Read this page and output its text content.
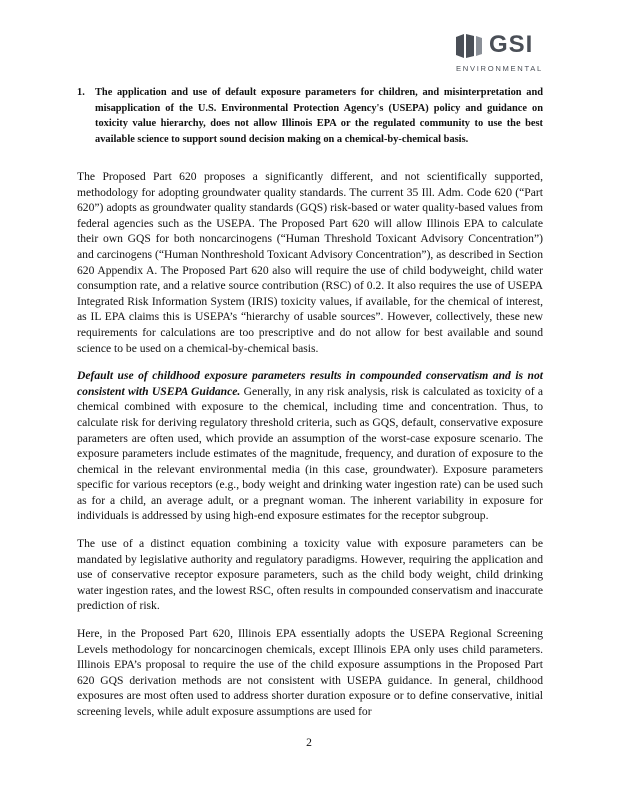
GSI
ENVIRONMENTAL
1. The application and use of default exposure parameters for children, and misinterpretation and misapplication of the U.S. Environmental Protection Agency's (USEPA) policy and guidance on toxicity value hierarchy, does not allow Illinois EPA or the regulated community to use the best available science to support sound decision making on a chemical-by-chemical basis.

The Proposed Part 620 proposes a significantly different, and not scientifically supported, methodology for adopting groundwater quality standards. The current 35 Ill. Adm. Code 620 (“Part 620”) adopts as groundwater quality standards (GQS) risk-based or water quality-based values from federal agencies such as the USEPA. The Proposed Part 620 will allow Illinois EPA to calculate their own GQS for both noncarcinogens (“Human Threshold Toxicant Advisory Concentration”) and carcinogens (“Human Nonthreshold Toxicant Advisory Concentration”), as described in Section 620 Appendix A. The Proposed Part 620 also will require the use of child bodyweight, child water consumption rate, and a relative source contribution (RSC) of 0.2. It also requires the use of USEPA Integrated Risk Information System (IRIS) toxicity values, if available, for the chemical of interest, as IL EPA claims this is USEPA’s “hierarchy of usable sources”. However, collectively, these new requirements for calculations are too prescriptive and do not allow for best available and sound science to be used on a chemical-by-chemical basis.

Default use of childhood exposure parameters results in compounded conservatism and is not consistent with USEPA Guidance. Generally, in any risk analysis, risk is calculated as toxicity of a chemical combined with exposure to the chemical, including time and concentration. Thus, to calculate risk for deriving regulatory threshold criteria, such as GQS, default, conservative exposure parameters are often used, which provide an assumption of the worst-case exposure scenario. The exposure parameters include estimates of the magnitude, frequency, and duration of exposure to the chemical in the relevant environmental media (in this case, groundwater). Exposure parameters specific for various receptors (e.g., body weight and drinking water ingestion rate) can be used such as for a child, an average adult, or a pregnant woman. The inherent variability in exposure for individuals is addressed by using high-end exposure estimates for the receptor subgroup.

The use of a distinct equation combining a toxicity value with exposure parameters can be mandated by legislative authority and regulatory paradigms. However, requiring the application and use of conservative receptor exposure parameters, such as the child body weight, child drinking water ingestion rates, and the lowest RSC, often results in compounded conservatism and inaccurate prediction of risk.

Here, in the Proposed Part 620, Illinois EPA essentially adopts the USEPA Regional Screening Levels methodology for noncarcinogen chemicals, except Illinois EPA only uses child parameters. Illinois EPA’s proposal to require the use of the child exposure assumptions in the Proposed Part 620 GQS derivation methods are not consistent with USEPA guidance. In general, childhood exposures are most often used to address shorter duration exposure or to define conservative, initial screening levels, while adult exposure assumptions are used for

2
